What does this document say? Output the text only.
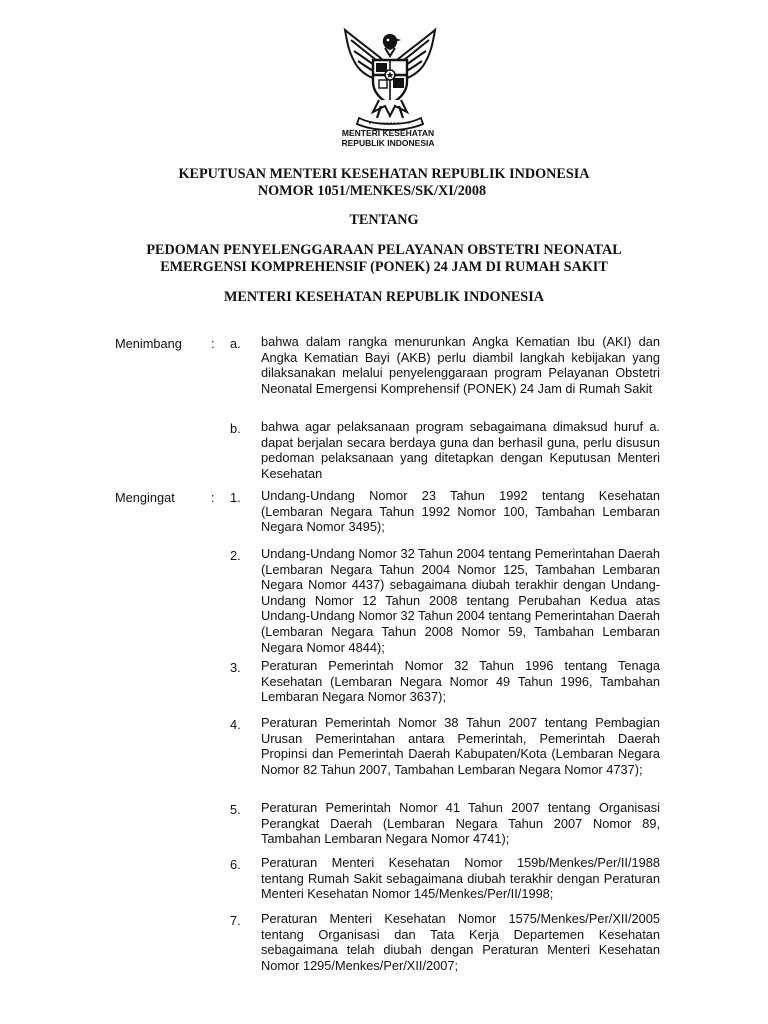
MENTERI KESEHATAN
REPUBLIK INDONESIA
KEPUTUSAN MENTERI KESEHATAN REPUBLIK INDONESIA
NOMOR 1051/MENKES/SK/XI/2008
TENTANG
PEDOMAN PENYELENGGARAAN PELAYANAN OBSTETRI NEONATAL
EMERGENSI KOMPREHENSIF (PONEK) 24 JAM DI RUMAH SAKIT
MENTERI KESEHATAN REPUBLIK INDONESIA
Menimbang : a.	bahwa dalam rangka menurunkan Angka Kematian Ibu (AKI) dan Angka Kematian Bayi (AKB) perlu diambil langkah kebijakan yang dilaksanakan melalui penyelenggaraan program Pelayanan Obstetri Neonatal Emergensi Komprehensif (PONEK) 24 Jam di Rumah Sakit
b.	bahwa agar pelaksanaan program sebagaimana dimaksud huruf a. dapat berjalan secara berdaya guna dan berhasil guna, perlu disusun pedoman pelaksanaan yang ditetapkan dengan Keputusan Menteri Kesehatan
Mengingat	: 1.	Undang-Undang Nomor 23 Tahun 1992 tentang Kesehatan (Lembaran Negara Tahun 1992 Nomor 100, Tambahan Lembaran Negara Nomor 3495);
2.	Undang-Undang Nomor 32 Tahun 2004 tentang Pemerintahan Daerah (Lembaran Negara Tahun 2004 Nomor 125, Tambahan Lembaran Negara Nomor 4437) sebagaimana diubah terakhir dengan Undang-Undang Nomor 12 Tahun 2008 tentang Perubahan Kedua atas Undang-Undang Nomor 32 Tahun 2004 tentang Pemerintahan Daerah (Lembaran Negara Tahun 2008 Nomor 59, Tambahan Lembaran Negara Nomor 4844);
3.	Peraturan Pemerintah Nomor 32 Tahun 1996 tentang Tenaga Kesehatan (Lembaran Negara Nomor 49 Tahun 1996, Tambahan Lembaran Negara Nomor 3637);
4.	Peraturan Pemerintah Nomor 38 Tahun 2007 tentang Pembagian Urusan Pemerintahan antara Pemerintah, Pemerintah Daerah Propinsi dan Pemerintah Daerah Kabupaten/Kota (Lembaran Negara Nomor 82 Tahun 2007, Tambahan Lembaran Negara Nomor 4737);
5.	Peraturan Pemerintah Nomor 41 Tahun 2007 tentang Organisasi Perangkat Daerah (Lembaran Negara Tahun 2007 Nomor 89, Tambahan Lembaran Negara Nomor 4741);
6.	Peraturan Menteri Kesehatan Nomor 159b/Menkes/Per/II/1988 tentang Rumah Sakit sebagaimana diubah terakhir dengan Peraturan Menteri Kesehatan Nomor 145/Menkes/Per/II/1998;
7.	Peraturan Menteri Kesehatan Nomor 1575/Menkes/Per/XII/2005 tentang Organisasi dan Tata Kerja Departemen Kesehatan sebagaimana telah diubah dengan Peraturan Menteri Kesehatan Nomor 1295/Menkes/Per/XII/2007;
